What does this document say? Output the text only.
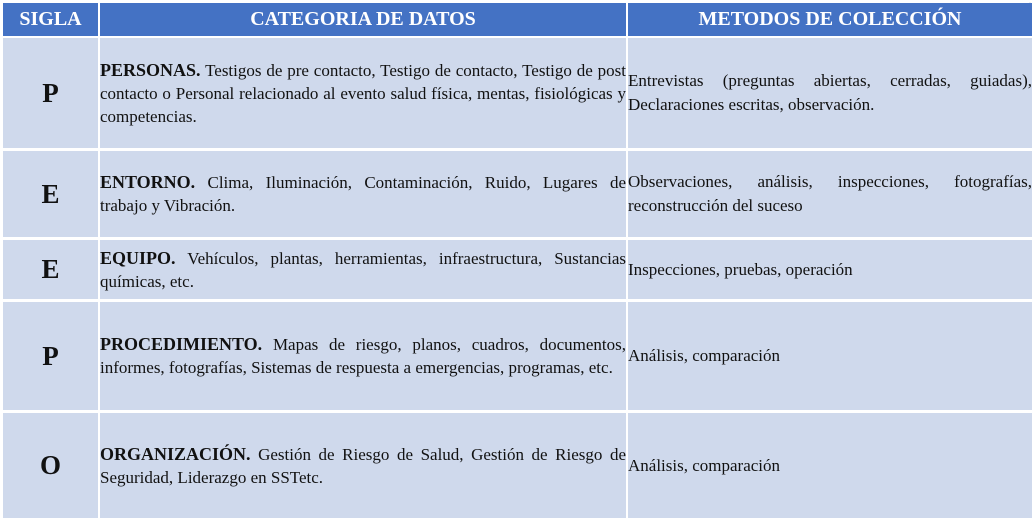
SIGLA	CATEGORIA DE DATOS	METODOS DE COLECCIÓN
P	PERSONAS. Testigos de pre contacto, Testigo de contacto, Testigo de post contacto o Personal relacionado al evento salud física, mentas, fisiológicas y competencias.	Entrevistas (preguntas abiertas, cerradas, guiadas), Declaraciones escritas, observación.
E	ENTORNO. Clima, Iluminación, Contaminación, Ruido, Lugares de trabajo y Vibración.	Observaciones, análisis, inspecciones, fotografías, reconstrucción del suceso
E	EQUIPO. Vehículos, plantas, herramientas, infraestructura, Sustancias químicas, etc.	Inspecciones, pruebas, operación
P	PROCEDIMIENTO. Mapas de riesgo, planos, cuadros, documentos, informes, fotografías, Sistemas de respuesta a emergencias, programas, etc.	Análisis, comparación
O	ORGANIZACIÓN. Gestión de Riesgo de Salud, Gestión de Riesgo de Seguridad, Liderazgo en SSTetc.	Análisis, comparación
